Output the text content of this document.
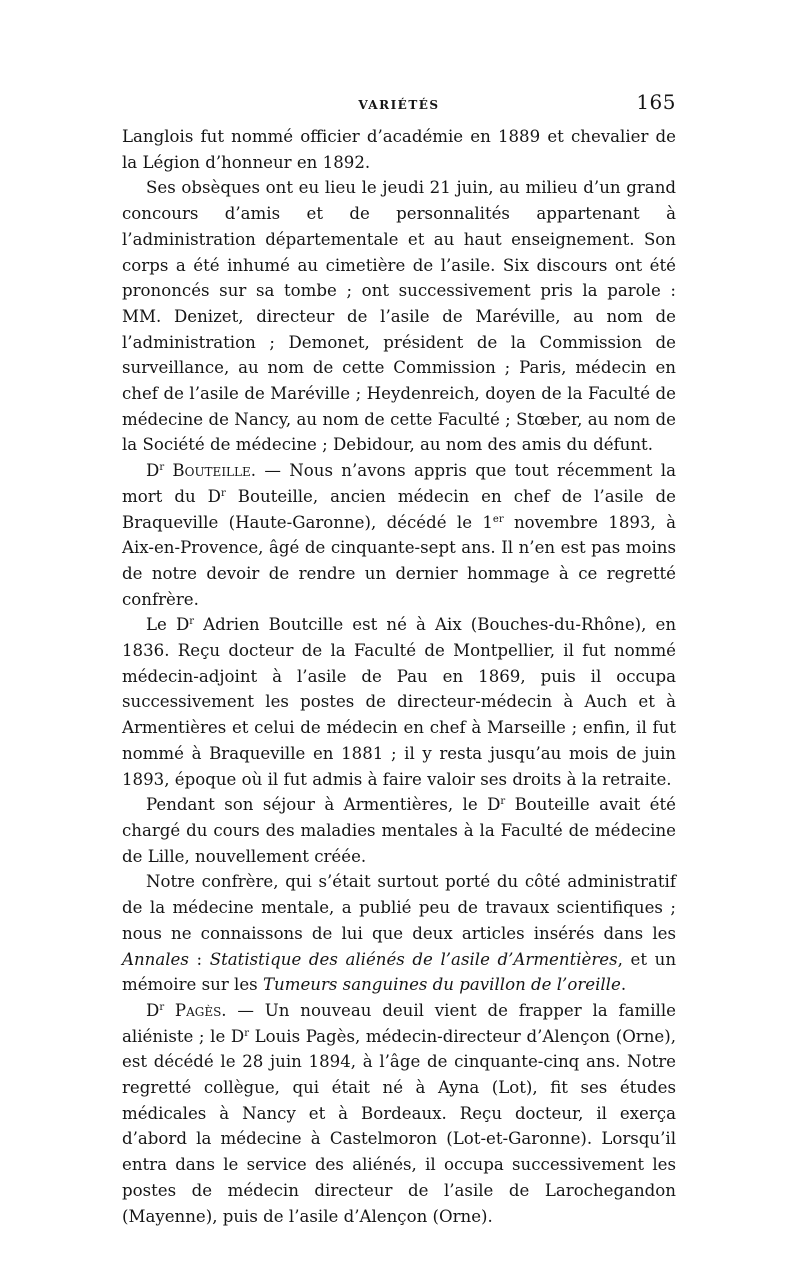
VARIÉTÉS	165

Langlois fut nommé officier d’académie en 1889 et chevalier de la Légion d’honneur en 1892.

Ses obsèques ont eu lieu le jeudi 21 juin, au milieu d’un grand concours d’amis et de personnalités appartenant à l’administration départementale et au haut enseignement. Son corps a été inhumé au cimetière de l’asile. Six discours ont été prononcés sur sa tombe ; ont successivement pris la parole : MM. Denizet, directeur de l’asile de Maréville, au nom de l’administration ; Demonet, président de la Commission de surveillance, au nom de cette Commission ; Paris, médecin en chef de l’asile de Maréville ; Heydenreich, doyen de la Faculté de médecine de Nancy, au nom de cette Faculté ; Stœber, au nom de la Société de médecine ; Debidour, au nom des amis du défunt.

$D^r$ Bouteille. — Nous n’avons appris que tout récemment la mort du $D^r$ Bouteille, ancien médecin en chef de l’asile de Braqueville (Haute-Garonne), décédé le 1er novembre 1893, à Aix-en-Provence, âgé de cinquante-sept ans. Il n’en est pas moins de notre devoir de rendre un dernier hommage à ce regretté confrère.

Le $D^r$ Adrien Boutcille est né à Aix (Bouches-du-Rhône), en 1836. Reçu docteur de la Faculté de Montpellier, il fut nommé médecin-adjoint à l’asile de Pau en 1869, puis il occupa successivement les postes de directeur-médecin à Auch et à Armentières et celui de médecin en chef à Marseille ; enfin, il fut nommé à Braqueville en 1881 ; il y resta jusqu’au mois de juin 1893, époque où il fut admis à faire valoir ses droits à la retraite.

Pendant son séjour à Armentières, le $D^r$ Bouteille avait été chargé du cours des maladies mentales à la Faculté de médecine de Lille, nouvellement créée.

Notre confrère, qui s’était surtout porté du côté administratif de la médecine mentale, a publié peu de travaux scientifiques ; nous ne connaissons de lui que deux articles insérés dans les Annales : Statistique des aliénés de l’asile d’Armentières, et un mémoire sur les Tumeurs sanguines du pavillon de l’oreille.

$D^r$ Pagès. — Un nouveau deuil vient de frapper la famille aliéniste ; le $D^r$ Louis Pagès, médecin-directeur d’Alençon (Orne), est décédé le 28 juin 1894, à l’âge de cinquante-cinq ans. Notre regretté collègue, qui était né à Ayna (Lot), fit ses études médicales à Nancy et à Bordeaux. Reçu docteur, il exerça d’abord la médecine à Castelmoron (Lot-et-Garonne). Lorsqu’il entra dans le service des aliénés, il occupa successivement les postes de médecin directeur de l’asile de Larochegandon (Mayenne), puis de l’asile d’Alençon (Orne).
